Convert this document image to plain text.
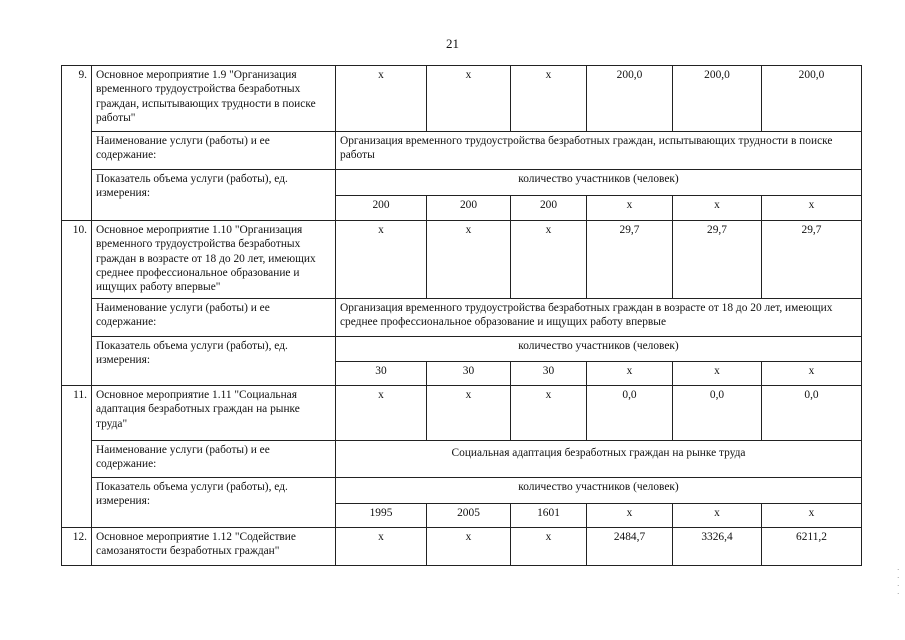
21
9.	Основное мероприятие 1.9 "Организация временного трудоустройства безработных граждан, испытывающих трудности в поиске работы"	x	x	x	200,0	200,0	200,0
	Наименование услуги (работы) и ее содержание:	Организация временного трудоустройства безработных граждан, испытывающих трудности в поиске работы					
	Показатель объема услуги (работы), ед. измерения:	количество участников (человек)					
		200	200	200	x	x	x
10.	Основное мероприятие 1.10 "Организация временного трудоустройства безработных граждан в возрасте от 18 до 20 лет, имеющих среднее профессиональное образование и ищущих работу впервые"	x	x	x	29,7	29,7	29,7
	Наименование услуги (работы) и ее содержание:	Организация временного трудоустройства безработных граждан в возрасте от 18 до 20 лет, имеющих среднее профессиональное образование и ищущих работу впервые					
	Показатель объема услуги (работы), ед. измерения:	количество участников (человек)					
		30	30	30	x	x	x
11.	Основное мероприятие 1.11 "Социальная адаптация безработных граждан на рынке труда"	x	x	x	0,0	0,0	0,0
	Наименование услуги (работы) и ее содержание:	Социальная адаптация безработных граждан на рынке труда					
	Показатель объема услуги (работы), ед. измерения:	количество участников (человек)					
		1995	2005	1601	x	x	x
12.	Основное мероприятие 1.12 "Содействие самозанятости безработных граждан"	x	x	x	2484,7	3326,4	6211,2
·
·
·
·
